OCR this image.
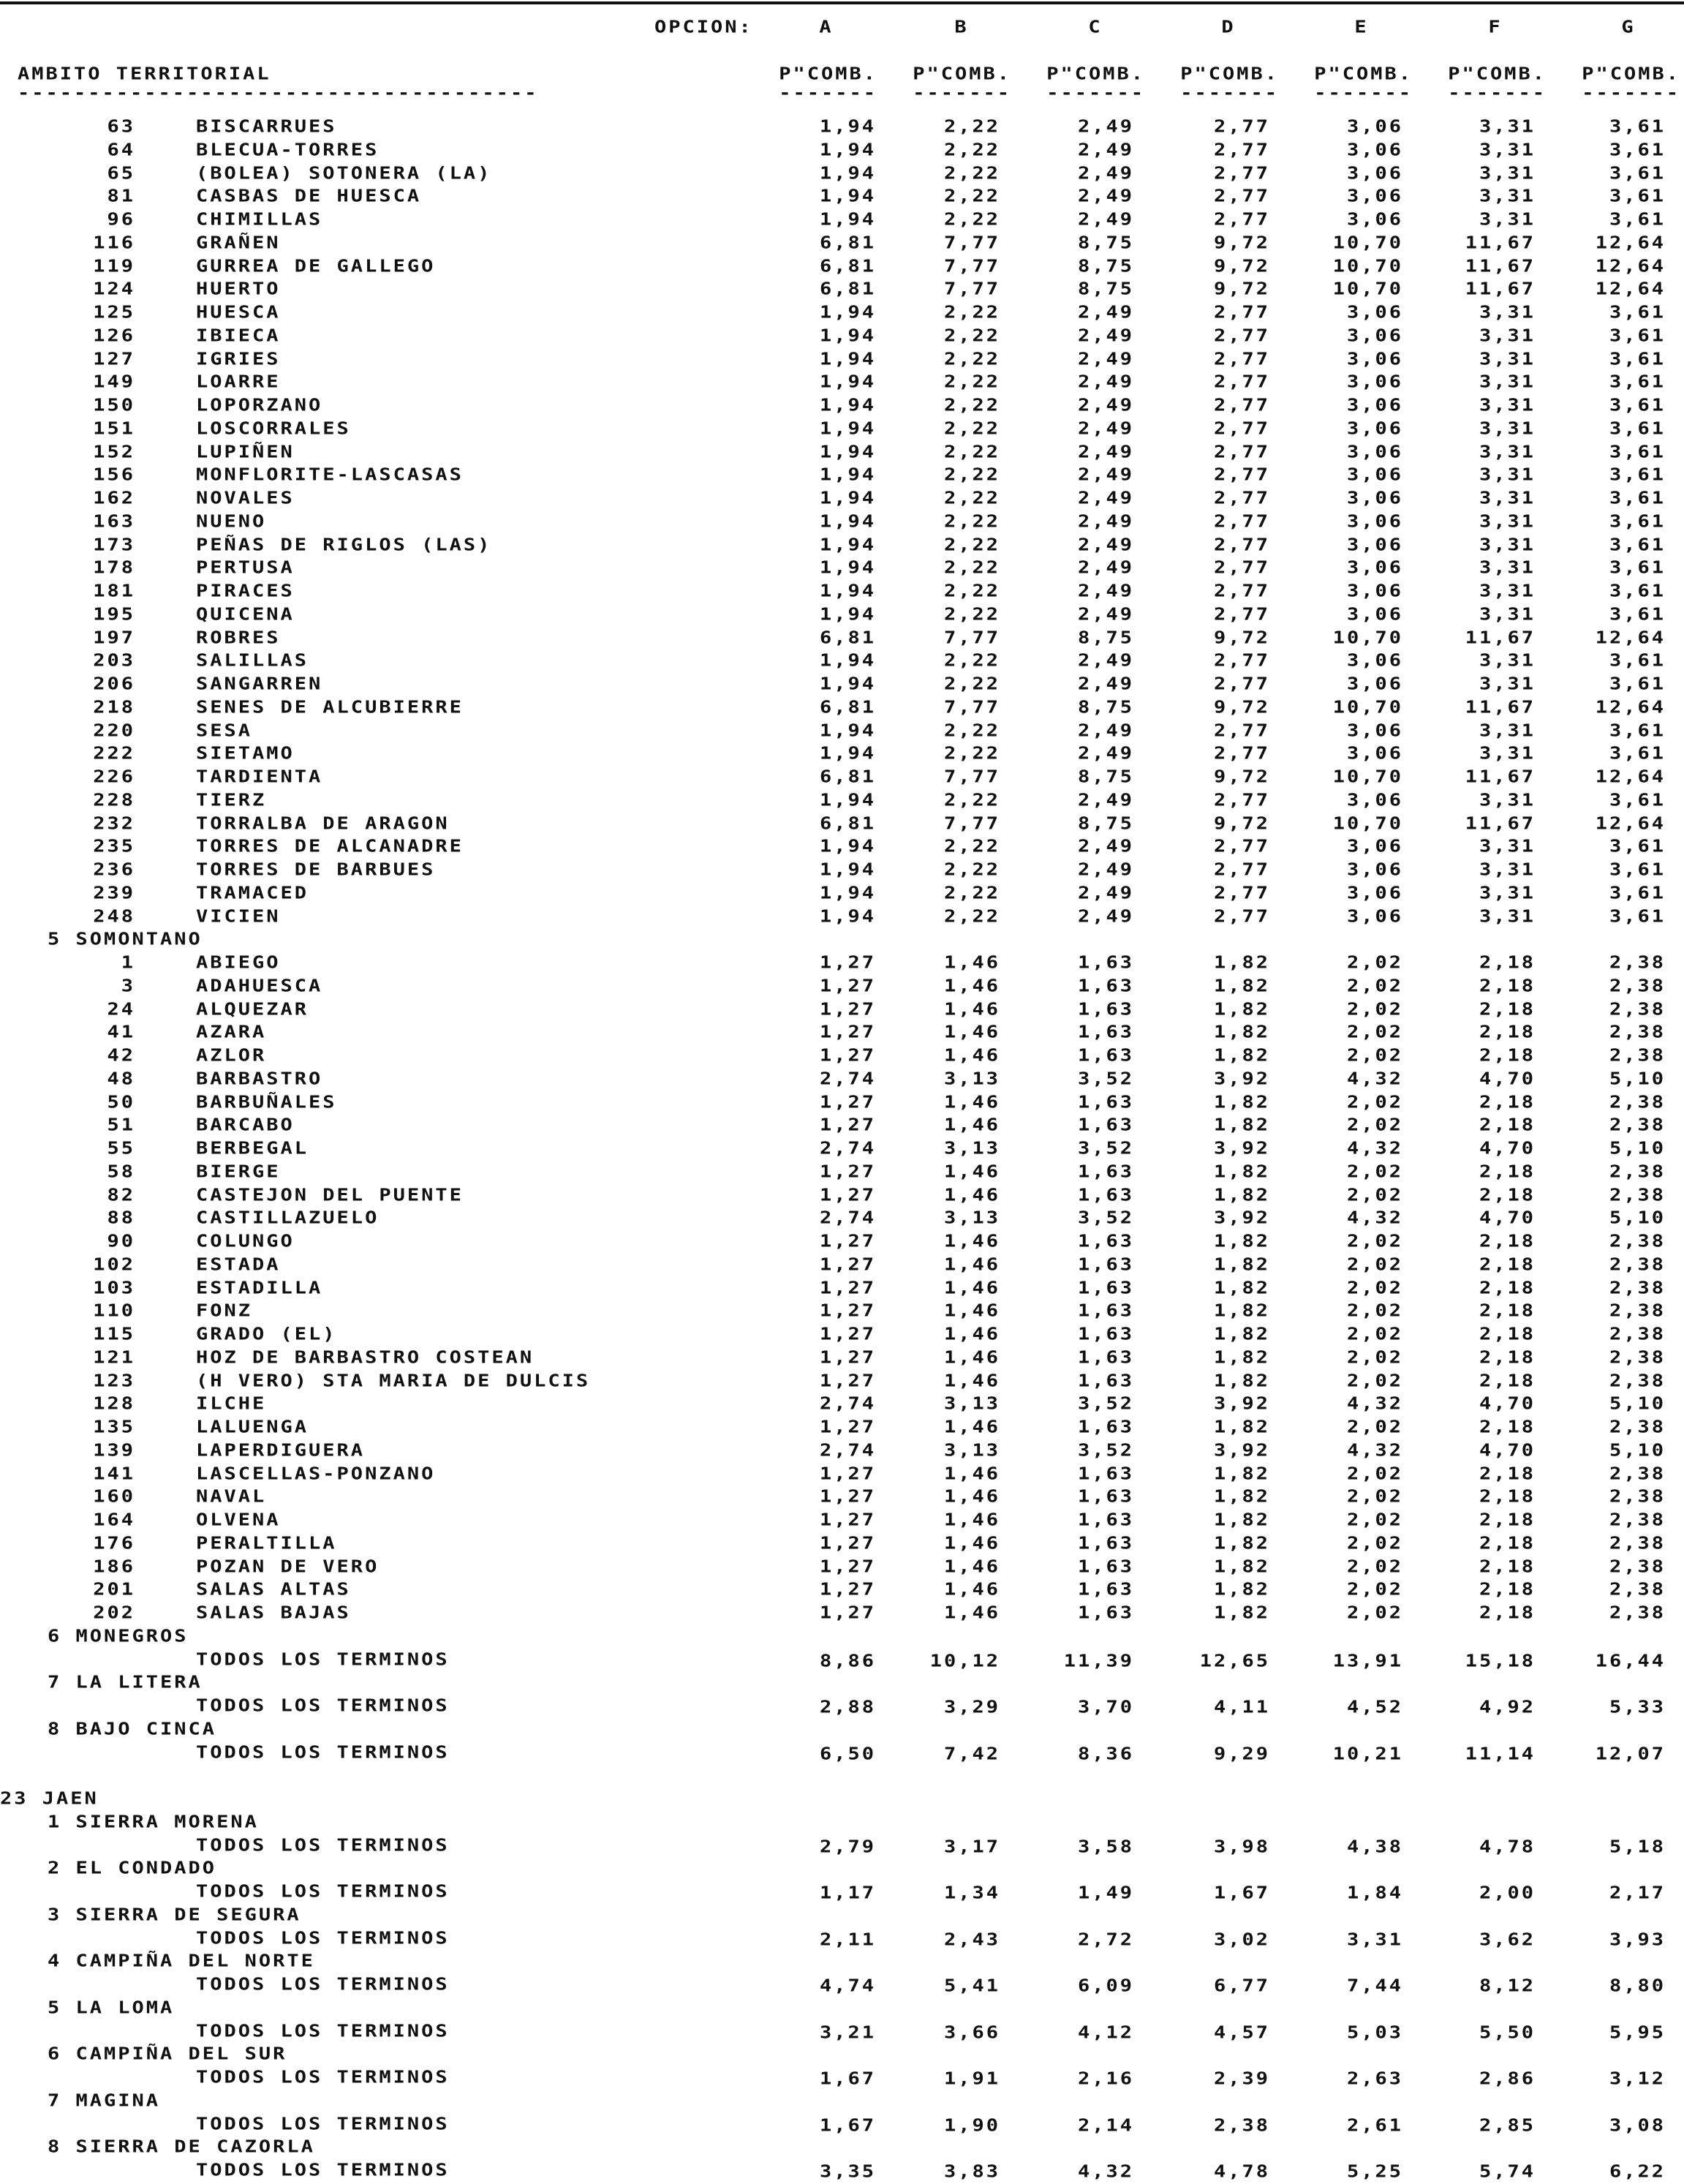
OPCION:	A	B	C	D	E	F	G
AMBITO TERRITORIAL
-------------------------------------
P"COMB.	P"COMB.	P"COMB.	P"COMB.	P"COMB.	P"COMB.	P"COMB.
-------	-------	-------	-------	-------	-------	-------
63	BISCARRUES	1,94	2,22	2,49	2,77	3,06	3,31	3,61
64	BLECUA-TORRES	1,94	2,22	2,49	2,77	3,06	3,31	3,61
65	(BOLEA) SOTONERA (LA)	1,94	2,22	2,49	2,77	3,06	3,31	3,61
81	CASBAS DE HUESCA	1,94	2,22	2,49	2,77	3,06	3,31	3,61
96	CHIMILLAS	1,94	2,22	2,49	2,77	3,06	3,31	3,61
116	GRAÑEN	6,81	7,77	8,75	9,72	10,70	11,67	12,64
119	GURREA DE GALLEGO	6,81	7,77	8,75	9,72	10,70	11,67	12,64
124	HUERTO	6,81	7,77	8,75	9,72	10,70	11,67	12,64
125	HUESCA	1,94	2,22	2,49	2,77	3,06	3,31	3,61
126	IBIECA	1,94	2,22	2,49	2,77	3,06	3,31	3,61
127	IGRIES	1,94	2,22	2,49	2,77	3,06	3,31	3,61
149	LOARRE	1,94	2,22	2,49	2,77	3,06	3,31	3,61
150	LOPORZANO	1,94	2,22	2,49	2,77	3,06	3,31	3,61
151	LOSCORRALES	1,94	2,22	2,49	2,77	3,06	3,31	3,61
152	LUPIÑEN	1,94	2,22	2,49	2,77	3,06	3,31	3,61
156	MONFLORITE-LASCASAS	1,94	2,22	2,49	2,77	3,06	3,31	3,61
162	NOVALES	1,94	2,22	2,49	2,77	3,06	3,31	3,61
163	NUENO	1,94	2,22	2,49	2,77	3,06	3,31	3,61
173	PEÑAS DE RIGLOS (LAS)	1,94	2,22	2,49	2,77	3,06	3,31	3,61
178	PERTUSA	1,94	2,22	2,49	2,77	3,06	3,31	3,61
181	PIRACES	1,94	2,22	2,49	2,77	3,06	3,31	3,61
195	QUICENA	1,94	2,22	2,49	2,77	3,06	3,31	3,61
197	ROBRES	6,81	7,77	8,75	9,72	10,70	11,67	12,64
203	SALILLAS	1,94	2,22	2,49	2,77	3,06	3,31	3,61
206	SANGARREN	1,94	2,22	2,49	2,77	3,06	3,31	3,61
218	SENES DE ALCUBIERRE	6,81	7,77	8,75	9,72	10,70	11,67	12,64
220	SESA	1,94	2,22	2,49	2,77	3,06	3,31	3,61
222	SIETAMO	1,94	2,22	2,49	2,77	3,06	3,31	3,61
226	TARDIENTA	6,81	7,77	8,75	9,72	10,70	11,67	12,64
228	TIERZ	1,94	2,22	2,49	2,77	3,06	3,31	3,61
232	TORRALBA DE ARAGON	6,81	7,77	8,75	9,72	10,70	11,67	12,64
235	TORRES DE ALCANADRE	1,94	2,22	2,49	2,77	3,06	3,31	3,61
236	TORRES DE BARBUES	1,94	2,22	2,49	2,77	3,06	3,31	3,61
239	TRAMACED	1,94	2,22	2,49	2,77	3,06	3,31	3,61
248	VICIEN	1,94	2,22	2,49	2,77	3,06	3,31	3,61
5 SOMONTANO
1	ABIEGO	1,27	1,46	1,63	1,82	2,02	2,18	2,38
3	ADAHUESCA	1,27	1,46	1,63	1,82	2,02	2,18	2,38
24	ALQUEZAR	1,27	1,46	1,63	1,82	2,02	2,18	2,38
41	AZARA	1,27	1,46	1,63	1,82	2,02	2,18	2,38
42	AZLOR	1,27	1,46	1,63	1,82	2,02	2,18	2,38
48	BARBASTRO	2,74	3,13	3,52	3,92	4,32	4,70	5,10
50	BARBUÑALES	1,27	1,46	1,63	1,82	2,02	2,18	2,38
51	BARCABO	1,27	1,46	1,63	1,82	2,02	2,18	2,38
55	BERBEGAL	2,74	3,13	3,52	3,92	4,32	4,70	5,10
58	BIERGE	1,27	1,46	1,63	1,82	2,02	2,18	2,38
82	CASTEJON DEL PUENTE	1,27	1,46	1,63	1,82	2,02	2,18	2,38
88	CASTILLAZUELO	2,74	3,13	3,52	3,92	4,32	4,70	5,10
90	COLUNGO	1,27	1,46	1,63	1,82	2,02	2,18	2,38
102	ESTADA	1,27	1,46	1,63	1,82	2,02	2,18	2,38
103	ESTADILLA	1,27	1,46	1,63	1,82	2,02	2,18	2,38
110	FONZ	1,27	1,46	1,63	1,82	2,02	2,18	2,38
115	GRADO (EL)	1,27	1,46	1,63	1,82	2,02	2,18	2,38
121	HOZ DE BARBASTRO COSTEAN	1,27	1,46	1,63	1,82	2,02	2,18	2,38
123	(H VERO) STA MARIA DE DULCIS	1,27	1,46	1,63	1,82	2,02	2,18	2,38
128	ILCHE	2,74	3,13	3,52	3,92	4,32	4,70	5,10
135	LALUENGA	1,27	1,46	1,63	1,82	2,02	2,18	2,38
139	LAPERDIGUERA	2,74	3,13	3,52	3,92	4,32	4,70	5,10
141	LASCELLAS-PONZANO	1,27	1,46	1,63	1,82	2,02	2,18	2,38
160	NAVAL	1,27	1,46	1,63	1,82	2,02	2,18	2,38
164	OLVENA	1,27	1,46	1,63	1,82	2,02	2,18	2,38
176	PERALTILLA	1,27	1,46	1,63	1,82	2,02	2,18	2,38
186	POZAN DE VERO	1,27	1,46	1,63	1,82	2,02	2,18	2,38
201	SALAS ALTAS	1,27	1,46	1,63	1,82	2,02	2,18	2,38
202	SALAS BAJAS	1,27	1,46	1,63	1,82	2,02	2,18	2,38
6 MONEGROS
TODOS LOS TERMINOS	8,86	10,12	11,39	12,65	13,91	15,18	16,44
7 LA LITERA
TODOS LOS TERMINOS	2,88	3,29	3,70	4,11	4,52	4,92	5,33
8 BAJO CINCA
TODOS LOS TERMINOS	6,50	7,42	8,36	9,29	10,21	11,14	12,07
23 JAEN
1 SIERRA MORENA
TODOS LOS TERMINOS	2,79	3,17	3,58	3,98	4,38	4,78	5,18
2 EL CONDADO
TODOS LOS TERMINOS	1,17	1,34	1,49	1,67	1,84	2,00	2,17
3 SIERRA DE SEGURA
TODOS LOS TERMINOS	2,11	2,43	2,72	3,02	3,31	3,62	3,93
4 CAMPIÑA DEL NORTE
TODOS LOS TERMINOS	4,74	5,41	6,09	6,77	7,44	8,12	8,80
5 LA LOMA
TODOS LOS TERMINOS	3,21	3,66	4,12	4,57	5,03	5,50	5,95
6 CAMPIÑA DEL SUR
TODOS LOS TERMINOS	1,67	1,91	2,16	2,39	2,63	2,86	3,12
7 MAGINA
TODOS LOS TERMINOS	1,67	1,90	2,14	2,38	2,61	2,85	3,08
8 SIERRA DE CAZORLA
TODOS LOS TERMINOS	3,35	3,83	4,32	4,78	5,25	5,74	6,22
